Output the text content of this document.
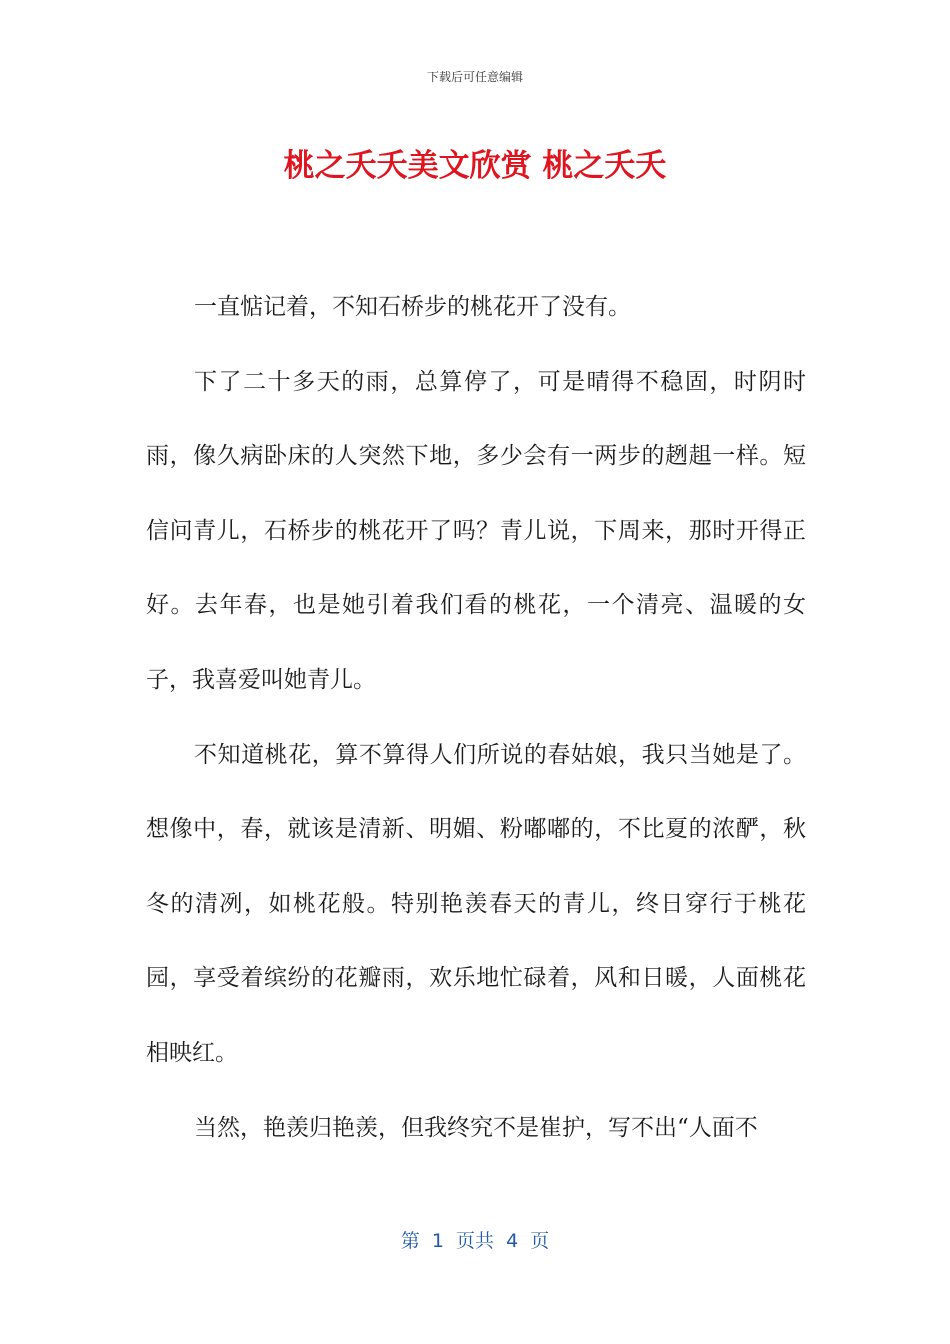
下载后可任意编辑
桃之夭夭美文欣赏 桃之夭夭

一直惦记着，不知石桥步的桃花开了没有。

下了二十多天的雨，总算停了，可是晴得不稳固，时阴时雨，像久病卧床的人突然下地，多少会有一两步的趔趄一样。短信问青儿，石桥步的桃花开了吗？青儿说，下周来，那时开得正好。去年春，也是她引着我们看的桃花，一个清亮、温暖的女子，我喜爱叫她青儿。

不知道桃花，算不算得人们所说的春姑娘，我只当她是了。想像中，春，就该是清新、明媚、粉嘟嘟的，不比夏的浓酽，秋冬的清冽，如桃花般。特别艳羡春天的青儿，终日穿行于桃花园，享受着缤纷的花瓣雨，欢乐地忙碌着，风和日暖，人面桃花相映红。

当然，艳羡归艳羡，但我终究不是崔护，写不出“人面不

第  1  页共  4  页
